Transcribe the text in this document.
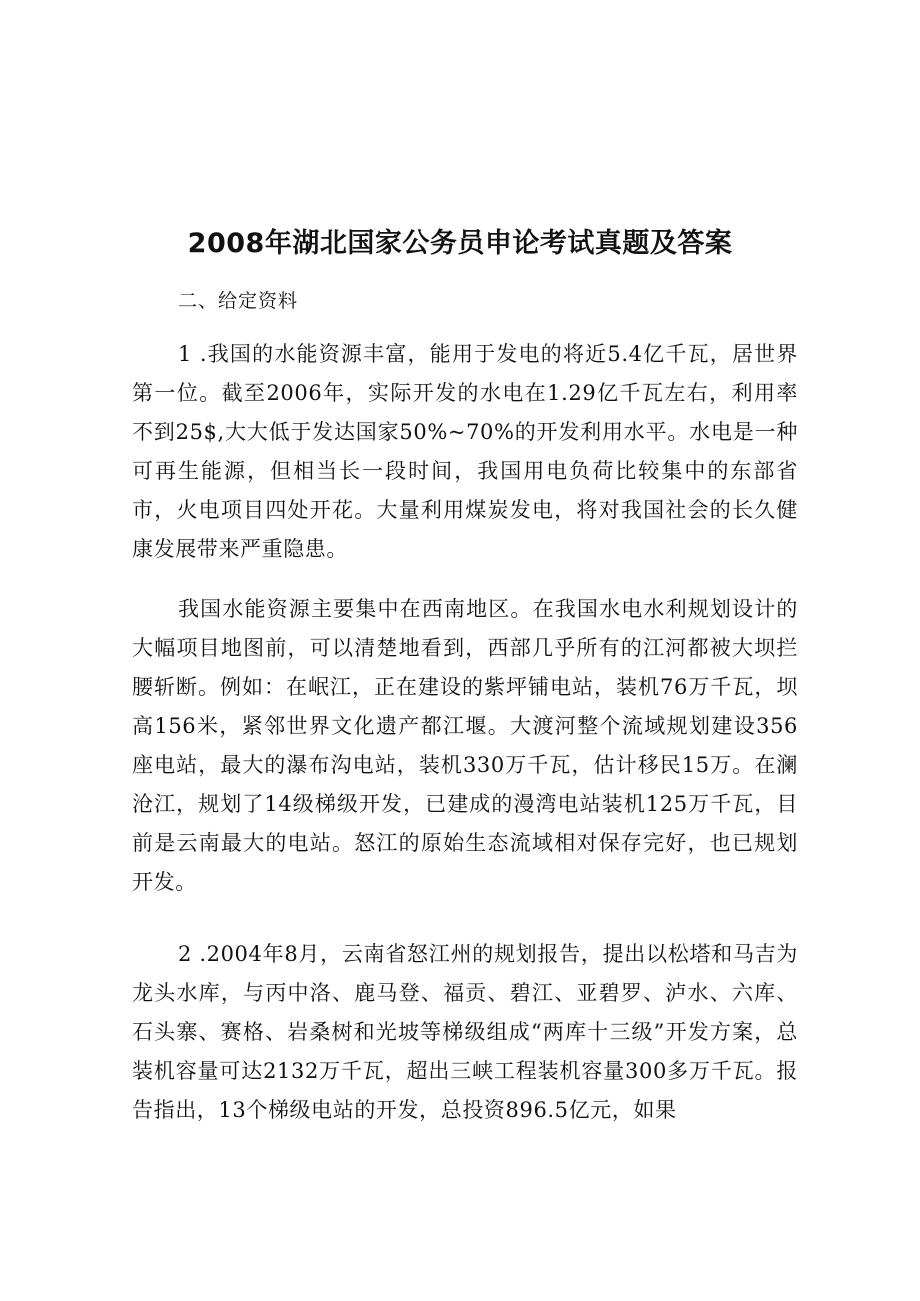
2008年湖北国家公务员申论考试真题及答案

二、给定资料

1 .我国的水能资源丰富，能用于发电的将近5.4亿千瓦，居世界第一位。截至2006年，实际开发的水电在1.29亿千瓦左右，利用率不到25$,大大低于发达国家50%~70%的开发利用水平。水电是一种可再生能源，但相当长一段时间，我国用电负荷比较集中的东部省市，火电项目四处开花。大量利用煤炭发电，将对我国社会的长久健康发展带来严重隐患。

我国水能资源主要集中在西南地区。在我国水电水利规划设计的大幅项目地图前，可以清楚地看到，西部几乎所有的江河都被大坝拦腰斩断。例如：在岷江，正在建设的紫坪铺电站，装机76万千瓦，坝高156米，紧邻世界文化遗产都江堰。大渡河整个流域规划建设356座电站，最大的瀑布沟电站，装机330万千瓦，估计移民15万。在澜沧江，规划了14级梯级开发，已建成的漫湾电站装机125万千瓦，目前是云南最大的电站。怒江的原始生态流域相对保存完好，也已规划开发。

2 .2004年8月，云南省怒江州的规划报告，提出以松塔和马吉为龙头水库，与丙中洛、鹿马登、福贡、碧江、亚碧罗、泸水、六库、石头寨、赛格、岩桑树和光坡等梯级组成“两库十三级”开发方案，总装机容量可达2132万千瓦，超出三峡工程装机容量300多万千瓦。报告指出，13个梯级电站的开发，总投资896.5亿元，如果
